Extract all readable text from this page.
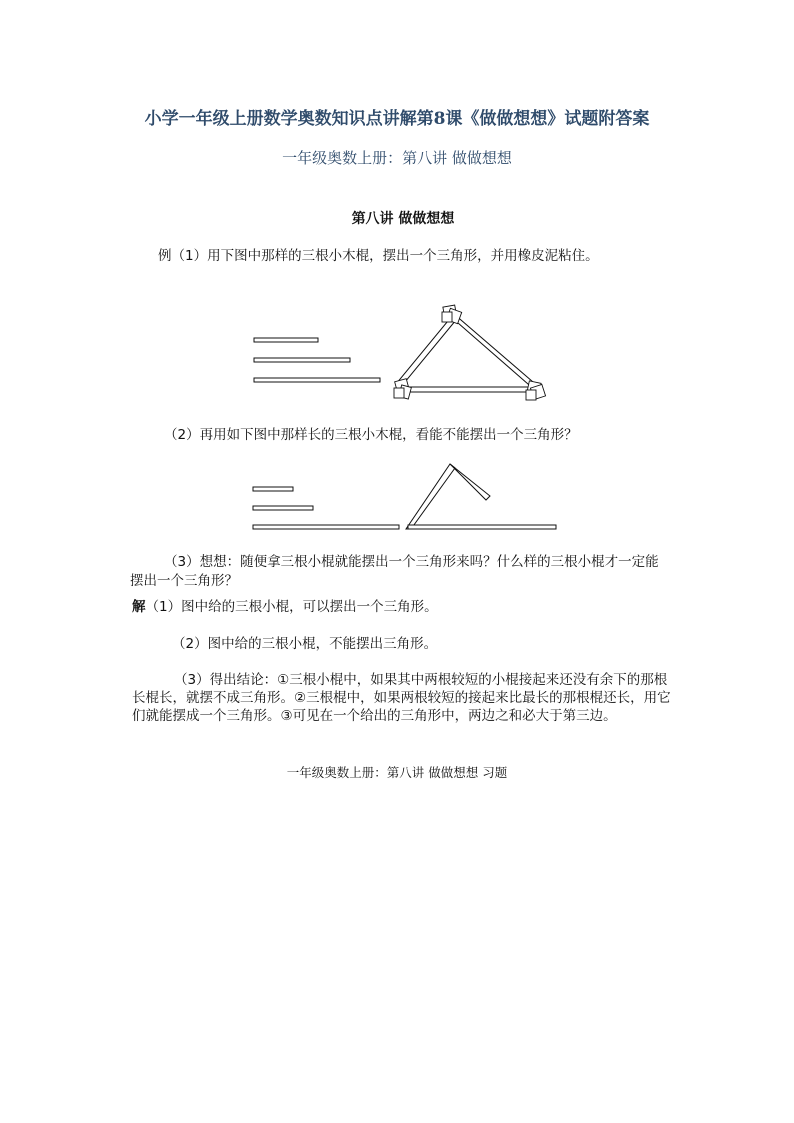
小学一年级上册数学奥数知识点讲解第8课《做做想想》试题附答案
一年级奥数上册：第八讲 做做想想
第八讲 做做想想
例（1）用下图中那样的三根小木棍，摆出一个三角形，并用橡皮泥粘住。
（2）再用如下图中那样长的三根小木棍，看能不能摆出一个三角形？
（3）想想：随便拿三根小棍就能摆出一个三角形来吗？什么样的三根小棍才一定能摆出一个三角形？
解（1）图中给的三根小棍，可以摆出一个三角形。
（2）图中给的三根小棍，不能摆出三角形。
（3）得出结论：①三根小棍中，如果其中两根较短的小棍接起来还没有余下的那根长棍长，就摆不成三角形。②三根棍中，如果两根较短的接起来比最长的那根棍还长，用它们就能摆成一个三角形。③可见在一个给出的三角形中，两边之和必大于第三边。
一年级奥数上册：第八讲 做做想想 习题
